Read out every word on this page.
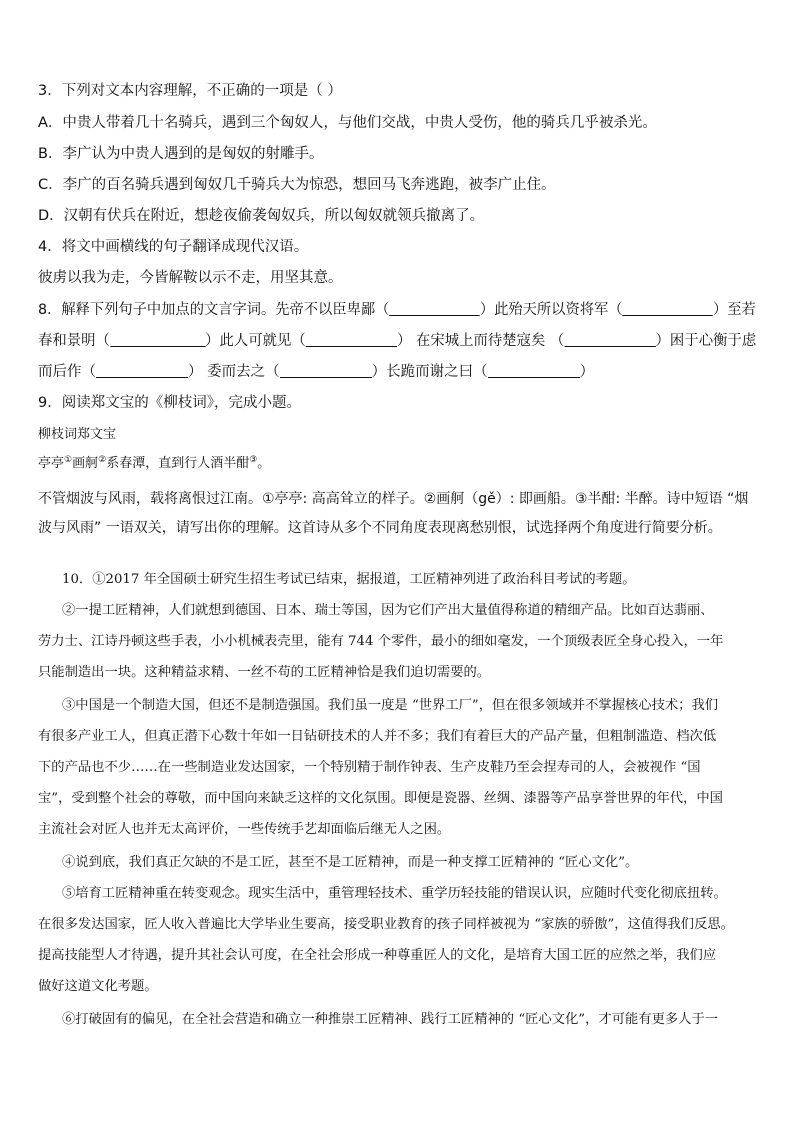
3．下列对文本内容理解，不正确的一项是（ ）
A．中贵人带着几十名骑兵，遇到三个匈奴人，与他们交战，中贵人受伤，他的骑兵几乎被杀光。
B．李广认为中贵人遇到的是匈奴的射雕手。
C．李广的百名骑兵遇到匈奴几千骑兵大为惊恐，想回马飞奔逃跑，被李广止住。
D．汉朝有伏兵在附近，想趁夜偷袭匈奴兵，所以匈奴就领兵撤离了。
4．将文中画横线的句子翻译成现代汉语。
彼虏以我为走，今皆解鞍以示不走，用坚其意。
8．解释下列句子中加点的文言字词。先帝不以臣卑鄙（	）此殆天所以资将军（	）至若
春和景明（	）此人可就见（	） 在宋城上而待楚寇矣 （	）困于心衡于虑
而后作（	） 委而去之（	）长跪而谢之曰（	）
9．阅读郑文宝的《柳枝词》，完成小题。
柳枝词郑文宝
亭亭①画舸②系春潭，直到行人酒半酣③。
不管烟波与风雨，载将离恨过江南。①亭亭: 高高耸立的样子。②画舸（gě）: 即画船。③半酣: 半醉。诗中短语 “烟
波与风雨” 一语双关，请写出你的理解。这首诗从多个不同角度表现离愁别恨，试选择两个角度进行简要分析。
10．①2017 年全国硕士研究生招生考试已结束，据报道，工匠精神列进了政治科目考试的考题。
②一提工匠精神，人们就想到德国、日本、瑞士等国，因为它们产出大量值得称道的精细产品。比如百达翡丽、
劳力士、江诗丹顿这些手表，小小机械表壳里，能有 744 个零件，最小的细如毫发，一个顶级表匠全身心投入，一年
只能制造出一块。这种精益求精、一丝不苟的工匠精神恰是我们迫切需要的。
③中国是一个制造大国，但还不是制造强国。我们虽一度是 “世界工厂”，但在很多领域并不掌握核心技术；我们
有很多产业工人，但真正潜下心数十年如一日钻研技术的人并不多；我们有着巨大的产品产量，但粗制滥造、档次低
下的产品也不少……在一些制造业发达国家，一个特别精于制作钟表、生产皮鞋乃至会捏寿司的人，会被视作 “国
宝”，受到整个社会的尊敬，而中国向来缺乏这样的文化氛围。即便是瓷器、丝绸、漆器等产品享誉世界的年代，中国
主流社会对匠人也并无太高评价，一些传统手艺却面临后继无人之困。
④说到底，我们真正欠缺的不是工匠，甚至不是工匠精神，而是一种支撑工匠精神的 “匠心文化”。
⑤培育工匠精神重在转变观念。现实生活中，重管理轻技术、重学历轻技能的错误认识，应随时代变化彻底扭转。
在很多发达国家，匠人收入普遍比大学毕业生要高，接受职业教育的孩子同样被视为 “家族的骄傲”，这值得我们反思。
提高技能型人才待遇，提升其社会认可度，在全社会形成一种尊重匠人的文化，是培育大国工匠的应然之举，我们应
做好这道文化考题。
⑥打破固有的偏见，在全社会营造和确立一种推崇工匠精神、践行工匠精神的 “匠心文化”，才可能有更多人于一
